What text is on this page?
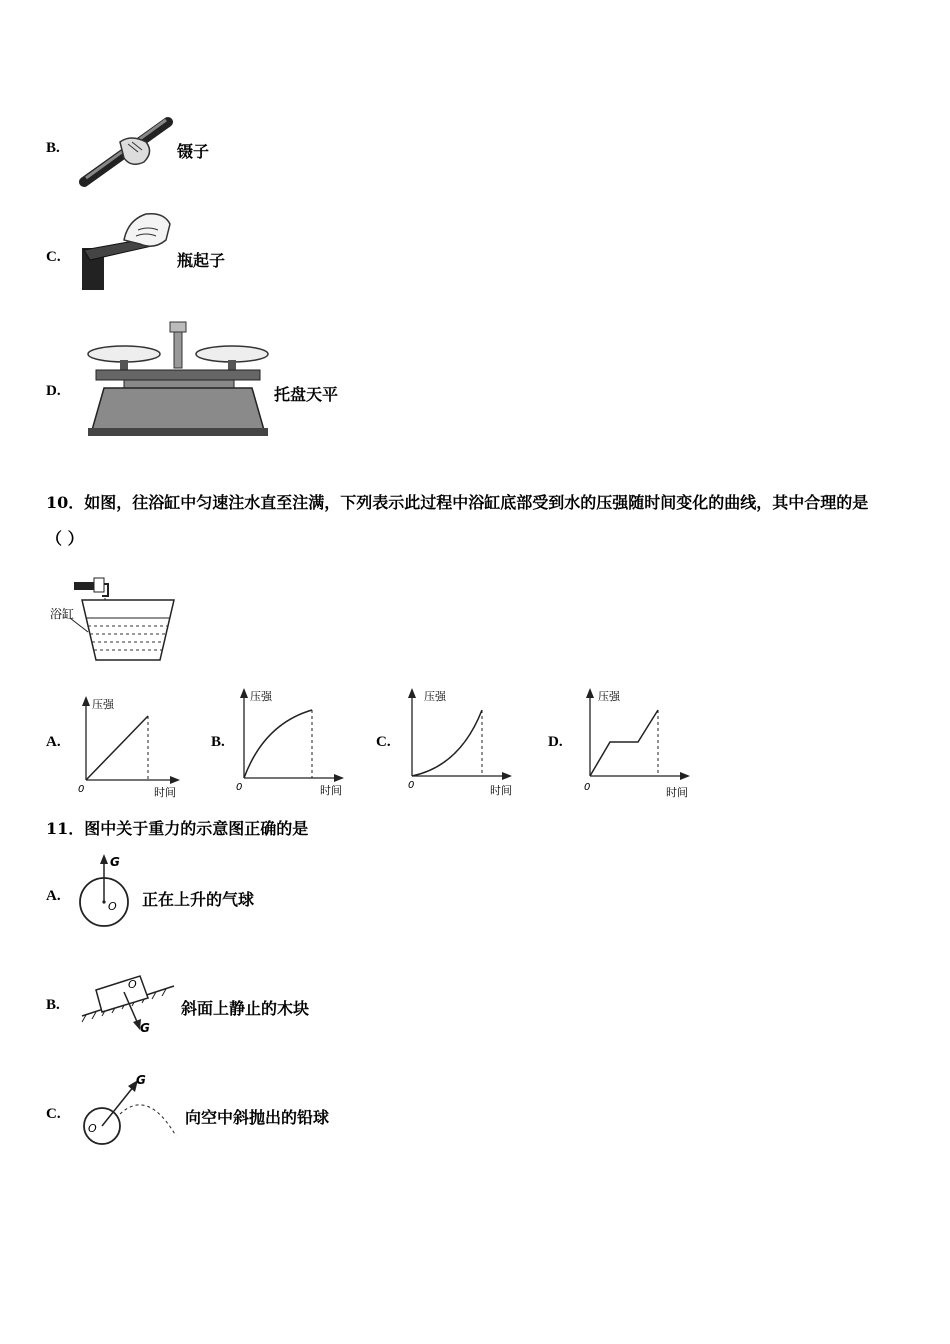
B.	镊子
C.	瓶起子
D.	托盘天平
10．如图，往浴缸中匀速注水直至注满，下列表示此过程中浴缸底部受到水的压强随时间变化的曲线，其中合理的是
（ ）
浴缸
A.	B.	C.	D.
压强
时间
0
压强
时间
0
压强
时间
0
压强
时间
0
11．图中关于重力的示意图正确的是
A.
G
O 正在上升的气球
B.
G
O
斜面上静止的木块
C.
G
O
向空中斜抛出的铅球
